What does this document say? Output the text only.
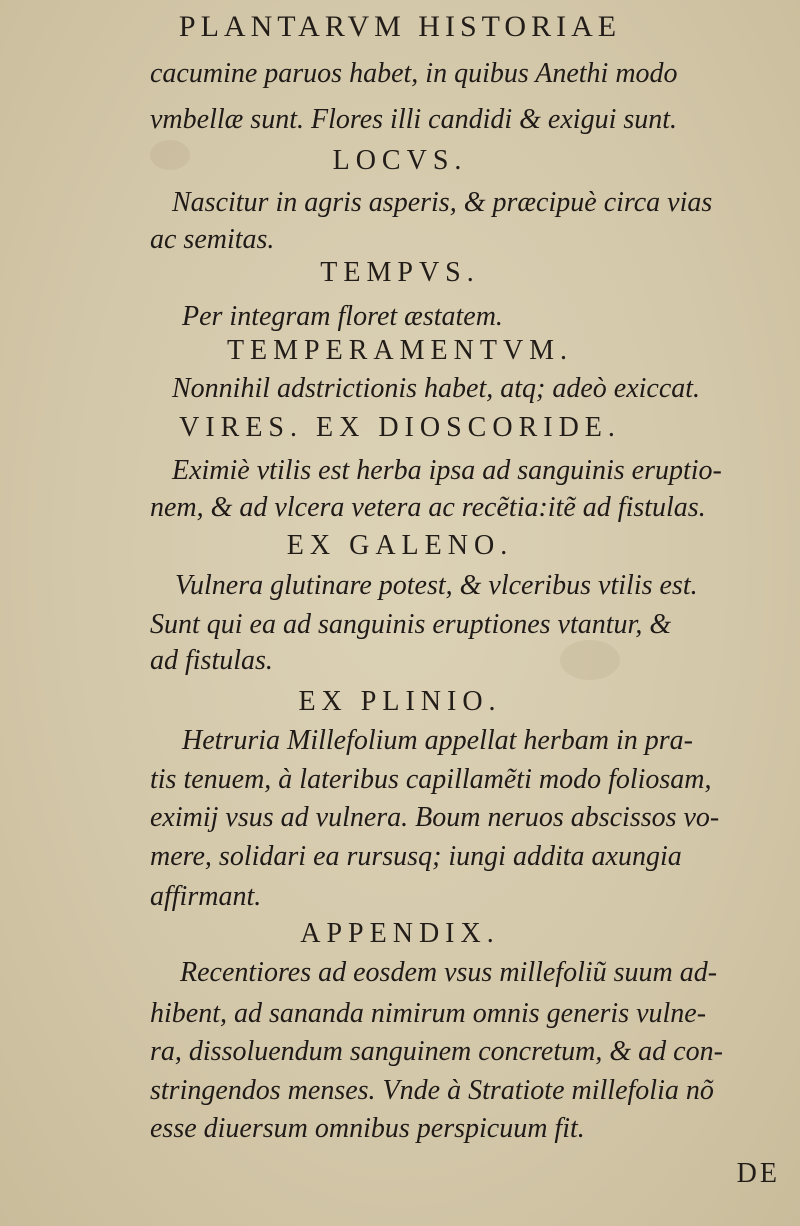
PLANTARVM HISTORIAE
cacumine paruos habet, in quibus Anethi modo
vmbellæ sunt. Flores illi candidi & exigui sunt.
LOCVS.
Nascitur in agris asperis, & præcipuè circa vias
ac semitas.
TEMPVS.
Per integram floret æstatem.
TEMPERAMENTVM.
Nonnihil adstrictionis habet, atq; adeò exiccat.
VIRES. EX DIOSCORIDE.
Eximiè vtilis est herba ipsa ad sanguinis eruptio-
nem, & ad vlcera vetera ac recẽtia:itẽ ad fistulas.
EX GALENO.
Vulnera glutinare potest, & vlceribus vtilis est.
Sunt qui ea ad sanguinis eruptiones vtantur, &
ad fistulas.
EX PLINIO.
Hetruria Millefolium appellat herbam in pra-
tis tenuem, à lateribus capillamẽti modo foliosam,
eximij vsus ad vulnera. Boum neruos abscissos vo-
mere, solidari ea rursusq; iungi addita axungia
affirmant.
APPENDIX.
Recentiores ad eosdem vsus millefoliũ suum ad-
hibent, ad sananda nimirum omnis generis vulne-
ra, dissoluendum sanguinem concretum, & ad con-
stringendos menses. Vnde à Stratiote millefolia nõ
esse diuersum omnibus perspicuum fit.
DE
